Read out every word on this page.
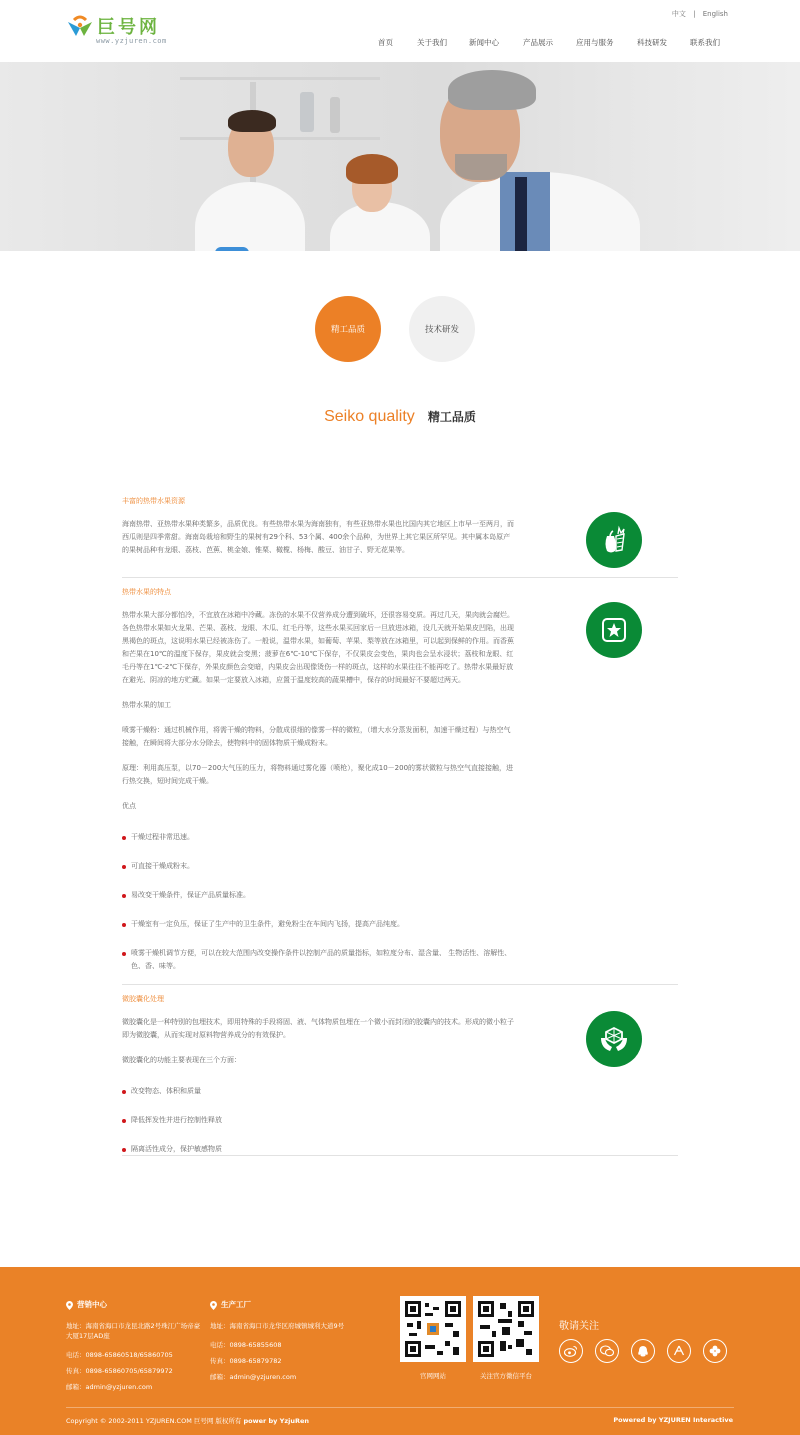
巨号网
www.yzjuren.com
中文 | English
首页	关于我们	新闻中心	产品展示	应用与服务	科技研发	联系我们
精工品质	技术研发
Seiko quality 精工品质
丰富的热带水果资源
海南热带、亚热带水果种类繁多，品质优良。有些热带水果为海南独有，有些亚热带水果也比国内其它地区上市早一至两月，而西瓜则是四季常甜。海南岛栽培和野生的果树有29个科、53个属、400余个品种，为世界上其它果区所罕见。其中属本岛原产的果树品种有龙眼、荔枝、芭蕉、桃金娘、锥栗、橄榄、杨梅、酸豆、油甘子、野无花果等。
热带水果的特点
热带水果大部分都怕冷，不宜放在冰箱中冷藏。冻伤的水果不仅营养成分遭到破坏，还很容易变质。再过几天，果肉就会腐烂。各色热带水果如火龙果、芒果、荔枝、龙眼、木瓜、红毛丹等，这些水果买回家后一旦放进冰箱，没几天就开始果皮凹陷，出现黑褐色的斑点，这说明水果已经被冻伤了。一般说，温带水果，如葡萄、苹果、梨等放在冰箱里，可以起到保鲜的作用。而香蕉和芒果在10℃的温度下保存，果皮就会变黑；菠萝在6℃-10℃下保存，不仅果皮会变色，果肉也会呈水浸状；荔枝和龙眼、红毛丹等在1℃-2℃下保存，外果皮颜色会变暗，内果皮会出现像烫伤一样的斑点，这样的水果往往不能再吃了。热带水果最好放在避光、阴凉的地方贮藏。如果一定要放入冰箱，应置于温度较高的蔬果槽中，保存的时间最好不要超过两天。
热带水果的加工
喷雾干燥粉：通过机械作用，将需干燥的物料，分散成很细的像雾一样的微粒，（增大水分蒸发面积，加速干燥过程）与热空气接触，在瞬间将大部分水分除去，使物料中的固体物质干燥成粉末。
原理：利用高压泵，以70－200大气压的压力，将物料通过雾化器（喷枪），聚化成10－200的雾状微粒与热空气直接接触，进行热交换，短时间完成干燥。
优点
干燥过程非常迅速。
可直接干燥成粉末。
易改变干燥条件，保证产品质量标准。
干燥室有一定负压，保证了生产中的卫生条件，避免粉尘在车间内飞扬，提高产品纯度。
喷雾干燥机调节方便，可以在较大范围内改变操作条件以控制产品的质量指标，如粒度分布、湿含量、 生物活性、溶解性、色、香、味等。
微胶囊化处理
微胶囊化是一种特别的包埋技术，即用特殊的手段将固、液、气体物质包埋在一个微小而封闭的胶囊内的技术。形成的微小粒子即为微胶囊，从而实现对原料物营养成分的有效保护。
微胶囊化的功能主要表现在三个方面：
改变物态、体积和质量
降低挥发性并进行控制性释放
隔离活性成分，保护敏感物质
营销中心
地址：海南省海口市龙昆北路2号珠江广场帝豪大厦17层AD座
电话：0898-65860518/65860705
传真：0898-65860705/65879972
邮箱：admin@yzjuren.com
生产工厂
地址：海南省海口市龙华区府城镇城利大道9号
电话：0898-65855608
传真：0898-65879782
邮箱：admin@yzjuren.com	官网网站	关注官方微信平台
敬请关注
Copyright © 2002-2011 YZJUREN.COM 巨号网 版权所有 power by YzjuRen	Powered by YZJUREN Interactive
